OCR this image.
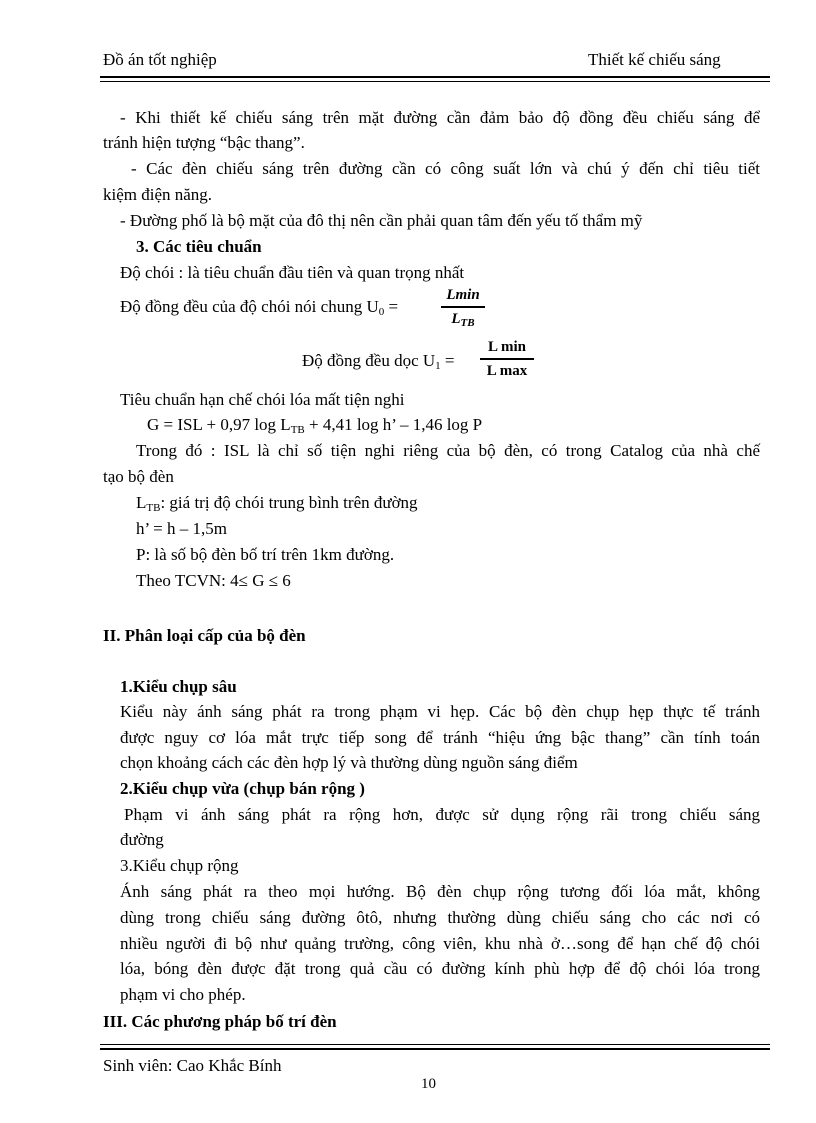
Đồ án tốt nghiệp	Thiết kế chiếu sáng
- Khi thiết kế chiếu sáng trên mặt đường cần đảm bảo độ đồng đều chiếu sáng để
tránh hiện tượng “bậc thang”.
- Các đèn chiếu sáng trên đường cần có công suất lớn và chú ý đến chỉ tiêu tiết
kiệm điện năng.
- Đường phố là bộ mặt của đô thị nên cần phải quan tâm đến yếu tố thẩm mỹ
3. Các tiêu chuẩn
Độ chói : là tiêu chuẩn đầu tiên và quan trọng nhất
Độ đồng đều của độ chói nói chung $U_0$ =
Lmin
$L_{TB}$
Độ đồng đều dọc $U_1$ =
L min
L max
Tiêu chuẩn hạn chế chói lóa mất tiện nghi
G = ISL + 0,97 $\log L_{TB} + 4,41$ log h’ – 1,46 log P
Trong đó : ISL là chỉ số tiện nghi riêng của bộ đèn, có trong Catalog của nhà chế
tạo bộ đèn
$L_{TB}$: giá trị độ chói trung bình trên đường
h’ = h – 1,5m
P: là số bộ đèn bố trí trên 1km đường.
Theo TCVN: 4≤ G ≤ 6
II. Phân loại cấp của bộ đèn
1.Kiểu chụp sâu
Kiểu này ánh sáng phát ra trong phạm vi hẹp. Các bộ đèn chụp hẹp thực tế tránh
được nguy cơ lóa mắt trực tiếp song để tránh “hiệu ứng bậc thang” cần tính toán
chọn khoảng cách các đèn hợp lý và thường dùng nguồn sáng điểm
2.Kiểu chụp vừa (chụp bán rộng )
Phạm vi ánh sáng phát ra rộng hơn, được sử dụng rộng rãi trong chiếu sáng
đường
3.Kiểu chụp rộng
Ánh sáng phát ra theo mọi hướng. Bộ đèn chụp rộng tương đối lóa mắt, không
dùng trong chiếu sáng đường ôtô, nhưng thường dùng chiếu sáng cho các nơi có
nhiều người đi bộ như quảng trường, công viên, khu nhà ở…song để hạn chế độ chói
lóa, bóng đèn được đặt trong quả cầu có đường kính phù hợp để độ chói lóa trong
phạm vi cho phép.
III. Các phương pháp bố trí đèn
Sinh viên: Cao Khắc Bính
10
